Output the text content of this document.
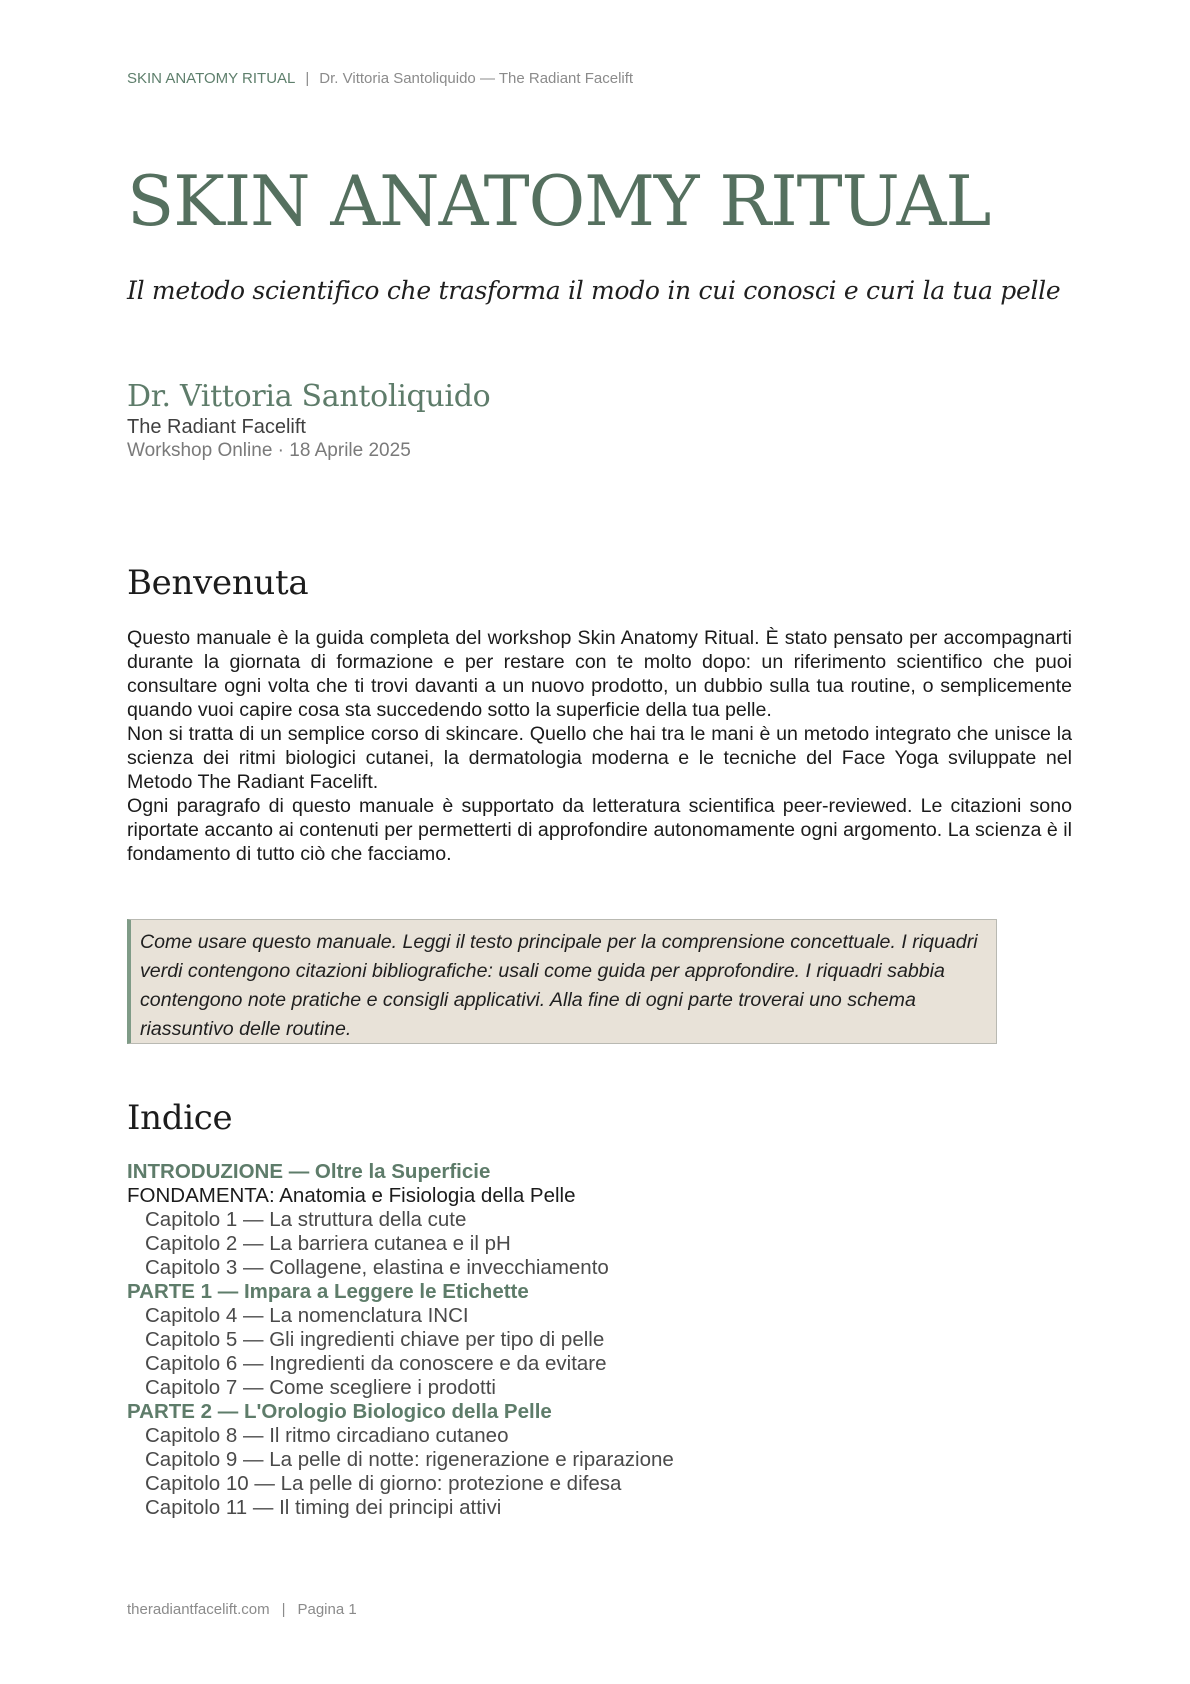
SKIN ANATOMY RITUAL | Dr. Vittoria Santoliquido — The Radiant Facelift
SKIN ANATOMY RITUAL
Il metodo scientifico che trasforma il modo in cui conosci e curi la tua pelle
Dr. Vittoria Santoliquido
The Radiant Facelift
Workshop Online · 18 Aprile 2025
Benvenuta

Questo manuale è la guida completa del workshop Skin Anatomy Ritual. È stato pensato per accompagnarti durante la giornata di formazione e per restare con te molto dopo: un riferimento scientifico che puoi consultare ogni volta che ti trovi davanti a un nuovo prodotto, un dubbio sulla tua routine, o semplicemente quando vuoi capire cosa sta succedendo sotto la superficie della tua pelle.

Non si tratta di un semplice corso di skincare. Quello che hai tra le mani è un metodo integrato che unisce la scienza dei ritmi biologici cutanei, la dermatologia moderna e le tecniche del Face Yoga sviluppate nel Metodo The Radiant Facelift.

Ogni paragrafo di questo manuale è supportato da letteratura scientifica peer-reviewed. Le citazioni sono riportate accanto ai contenuti per permetterti di approfondire autonomamente ogni argomento. La scienza è il fondamento di tutto ciò che facciamo.

Come usare questo manuale. Leggi il testo principale per la comprensione concettuale. I riquadri verdi contengono citazioni bibliografiche: usali come guida per approfondire. I riquadri sabbia contengono note pratiche e consigli applicativi. Alla fine di ogni parte troverai uno schema riassuntivo delle routine.
Indice
INTRODUZIONE — Oltre la Superficie
FONDAMENTA: Anatomia e Fisiologia della Pelle
Capitolo 1 — La struttura della cute
Capitolo 2 — La barriera cutanea e il pH
Capitolo 3 — Collagene, elastina e invecchiamento
PARTE 1 — Impara a Leggere le Etichette
Capitolo 4 — La nomenclatura INCI
Capitolo 5 — Gli ingredienti chiave per tipo di pelle
Capitolo 6 — Ingredienti da conoscere e da evitare
Capitolo 7 — Come scegliere i prodotti
PARTE 2 — L'Orologio Biologico della Pelle
Capitolo 8 — Il ritmo circadiano cutaneo
Capitolo 9 — La pelle di notte: rigenerazione e riparazione
Capitolo 10 — La pelle di giorno: protezione e difesa
Capitolo 11 — Il timing dei principi attivi
theradiantfacelift.com | Pagina 1
